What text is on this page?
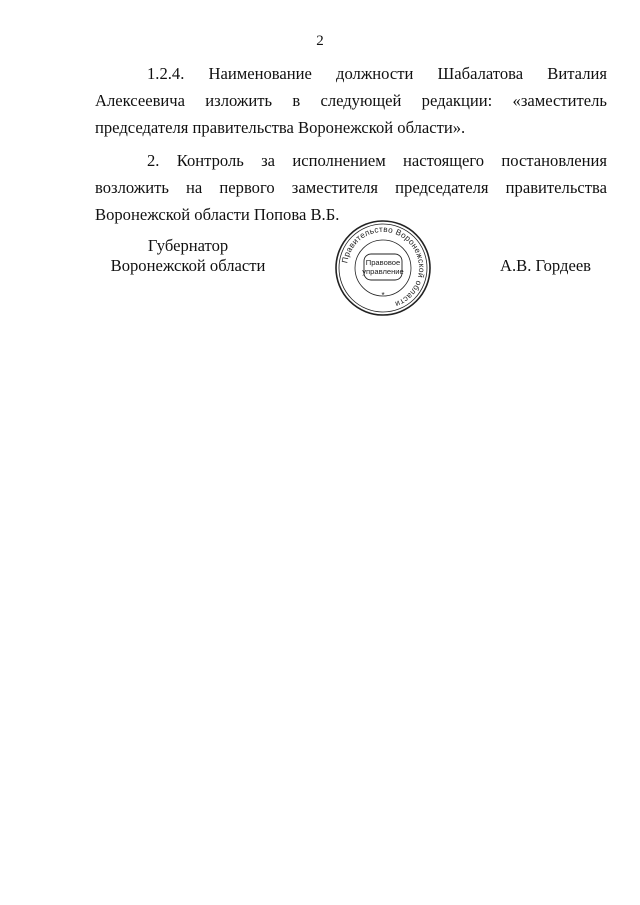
2

1.2.4. Наименование должности Шабалатова Виталия Алексеевича изложить в следующей редакции: «заместитель председателя правительства Воронежской области».

2. Контроль за исполнением настоящего постановления возложить на первого заместителя председателя правительства Воронежской области Попова В.Б.

Губернатор
Воронежской области	Правительство Воронежской области
Правовое
управление
*
А.В. Гордеев
